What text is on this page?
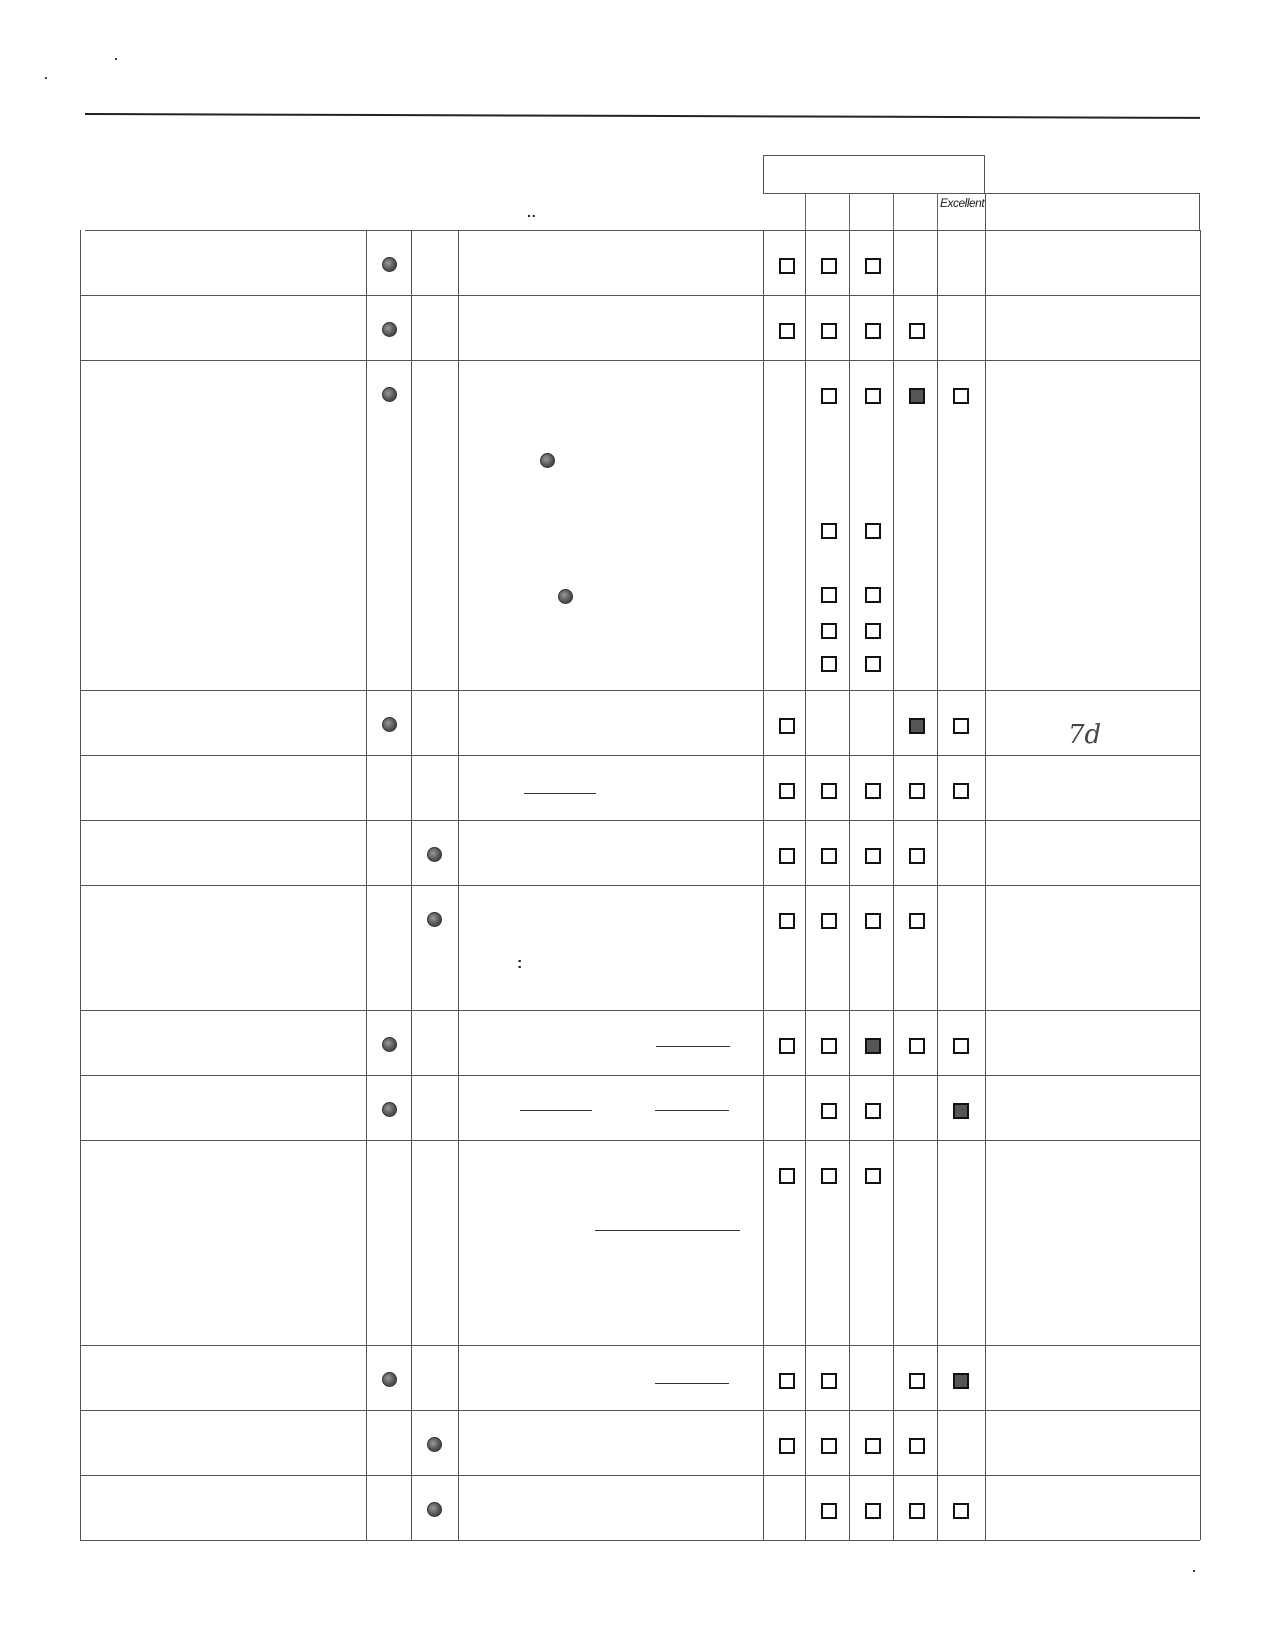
Excellent
..
7d
:
